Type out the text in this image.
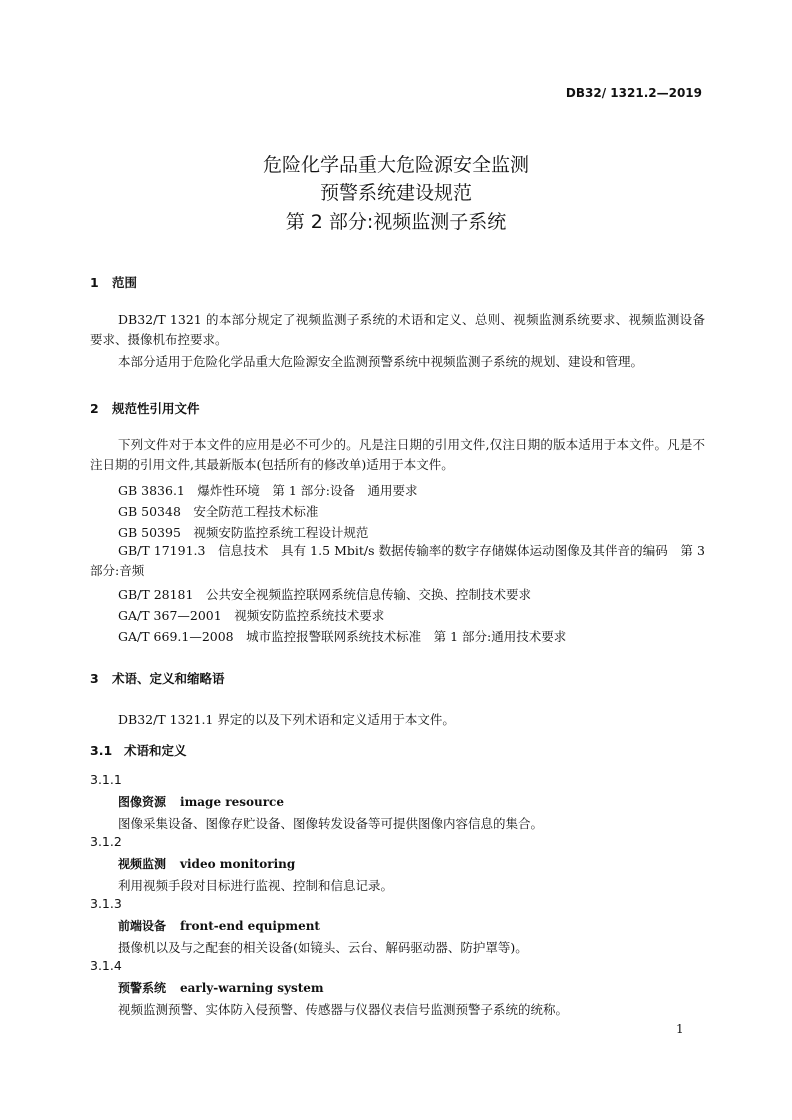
DB32/ 1321.2—2019
危险化学品重大危险源安全监测
预警系统建设规范
第 2 部分:视频监测子系统
1 范围
DB32/T 1321 的本部分规定了视频监测子系统的术语和定义、总则、视频监测系统要求、视频监测设备要求、摄像机布控要求。
本部分适用于危险化学品重大危险源安全监测预警系统中视频监测子系统的规划、建设和管理。
2 规范性引用文件
下列文件对于本文件的应用是必不可少的。凡是注日期的引用文件,仅注日期的版本适用于本文件。凡是不注日期的引用文件,其最新版本(包括所有的修改单)适用于本文件。
GB 3836.1　爆炸性环境　第 1 部分:设备　通用要求
GB 50348　安全防范工程技术标准
GB 50395　视频安防监控系统工程设计规范
GB/T 17191.3　信息技术　具有 1.5 Mbit/s 数据传输率的数字存储媒体运动图像及其伴音的编码　第 3 部分:音频
GB/T 28181　公共安全视频监控联网系统信息传输、交换、控制技术要求
GA/T 367—2001　视频安防监控系统技术要求
GA/T 669.1—2008　城市监控报警联网系统技术标准　第 1 部分:通用技术要求
3 术语、定义和缩略语
DB32/T 1321.1 界定的以及下列术语和定义适用于本文件。
3.1 术语和定义
3.1.1
图像资源 image resource
图像采集设备、图像存贮设备、图像转发设备等可提供图像内容信息的集合。
3.1.2
视频监测 video monitoring
利用视频手段对目标进行监视、控制和信息记录。
3.1.3
前端设备 front-end equipment
摄像机以及与之配套的相关设备(如镜头、云台、解码驱动器、防护罩等)。
3.1.4
预警系统 early-warning system
视频监测预警、实体防入侵预警、传感器与仪器仪表信号监测预警子系统的统称。
1
